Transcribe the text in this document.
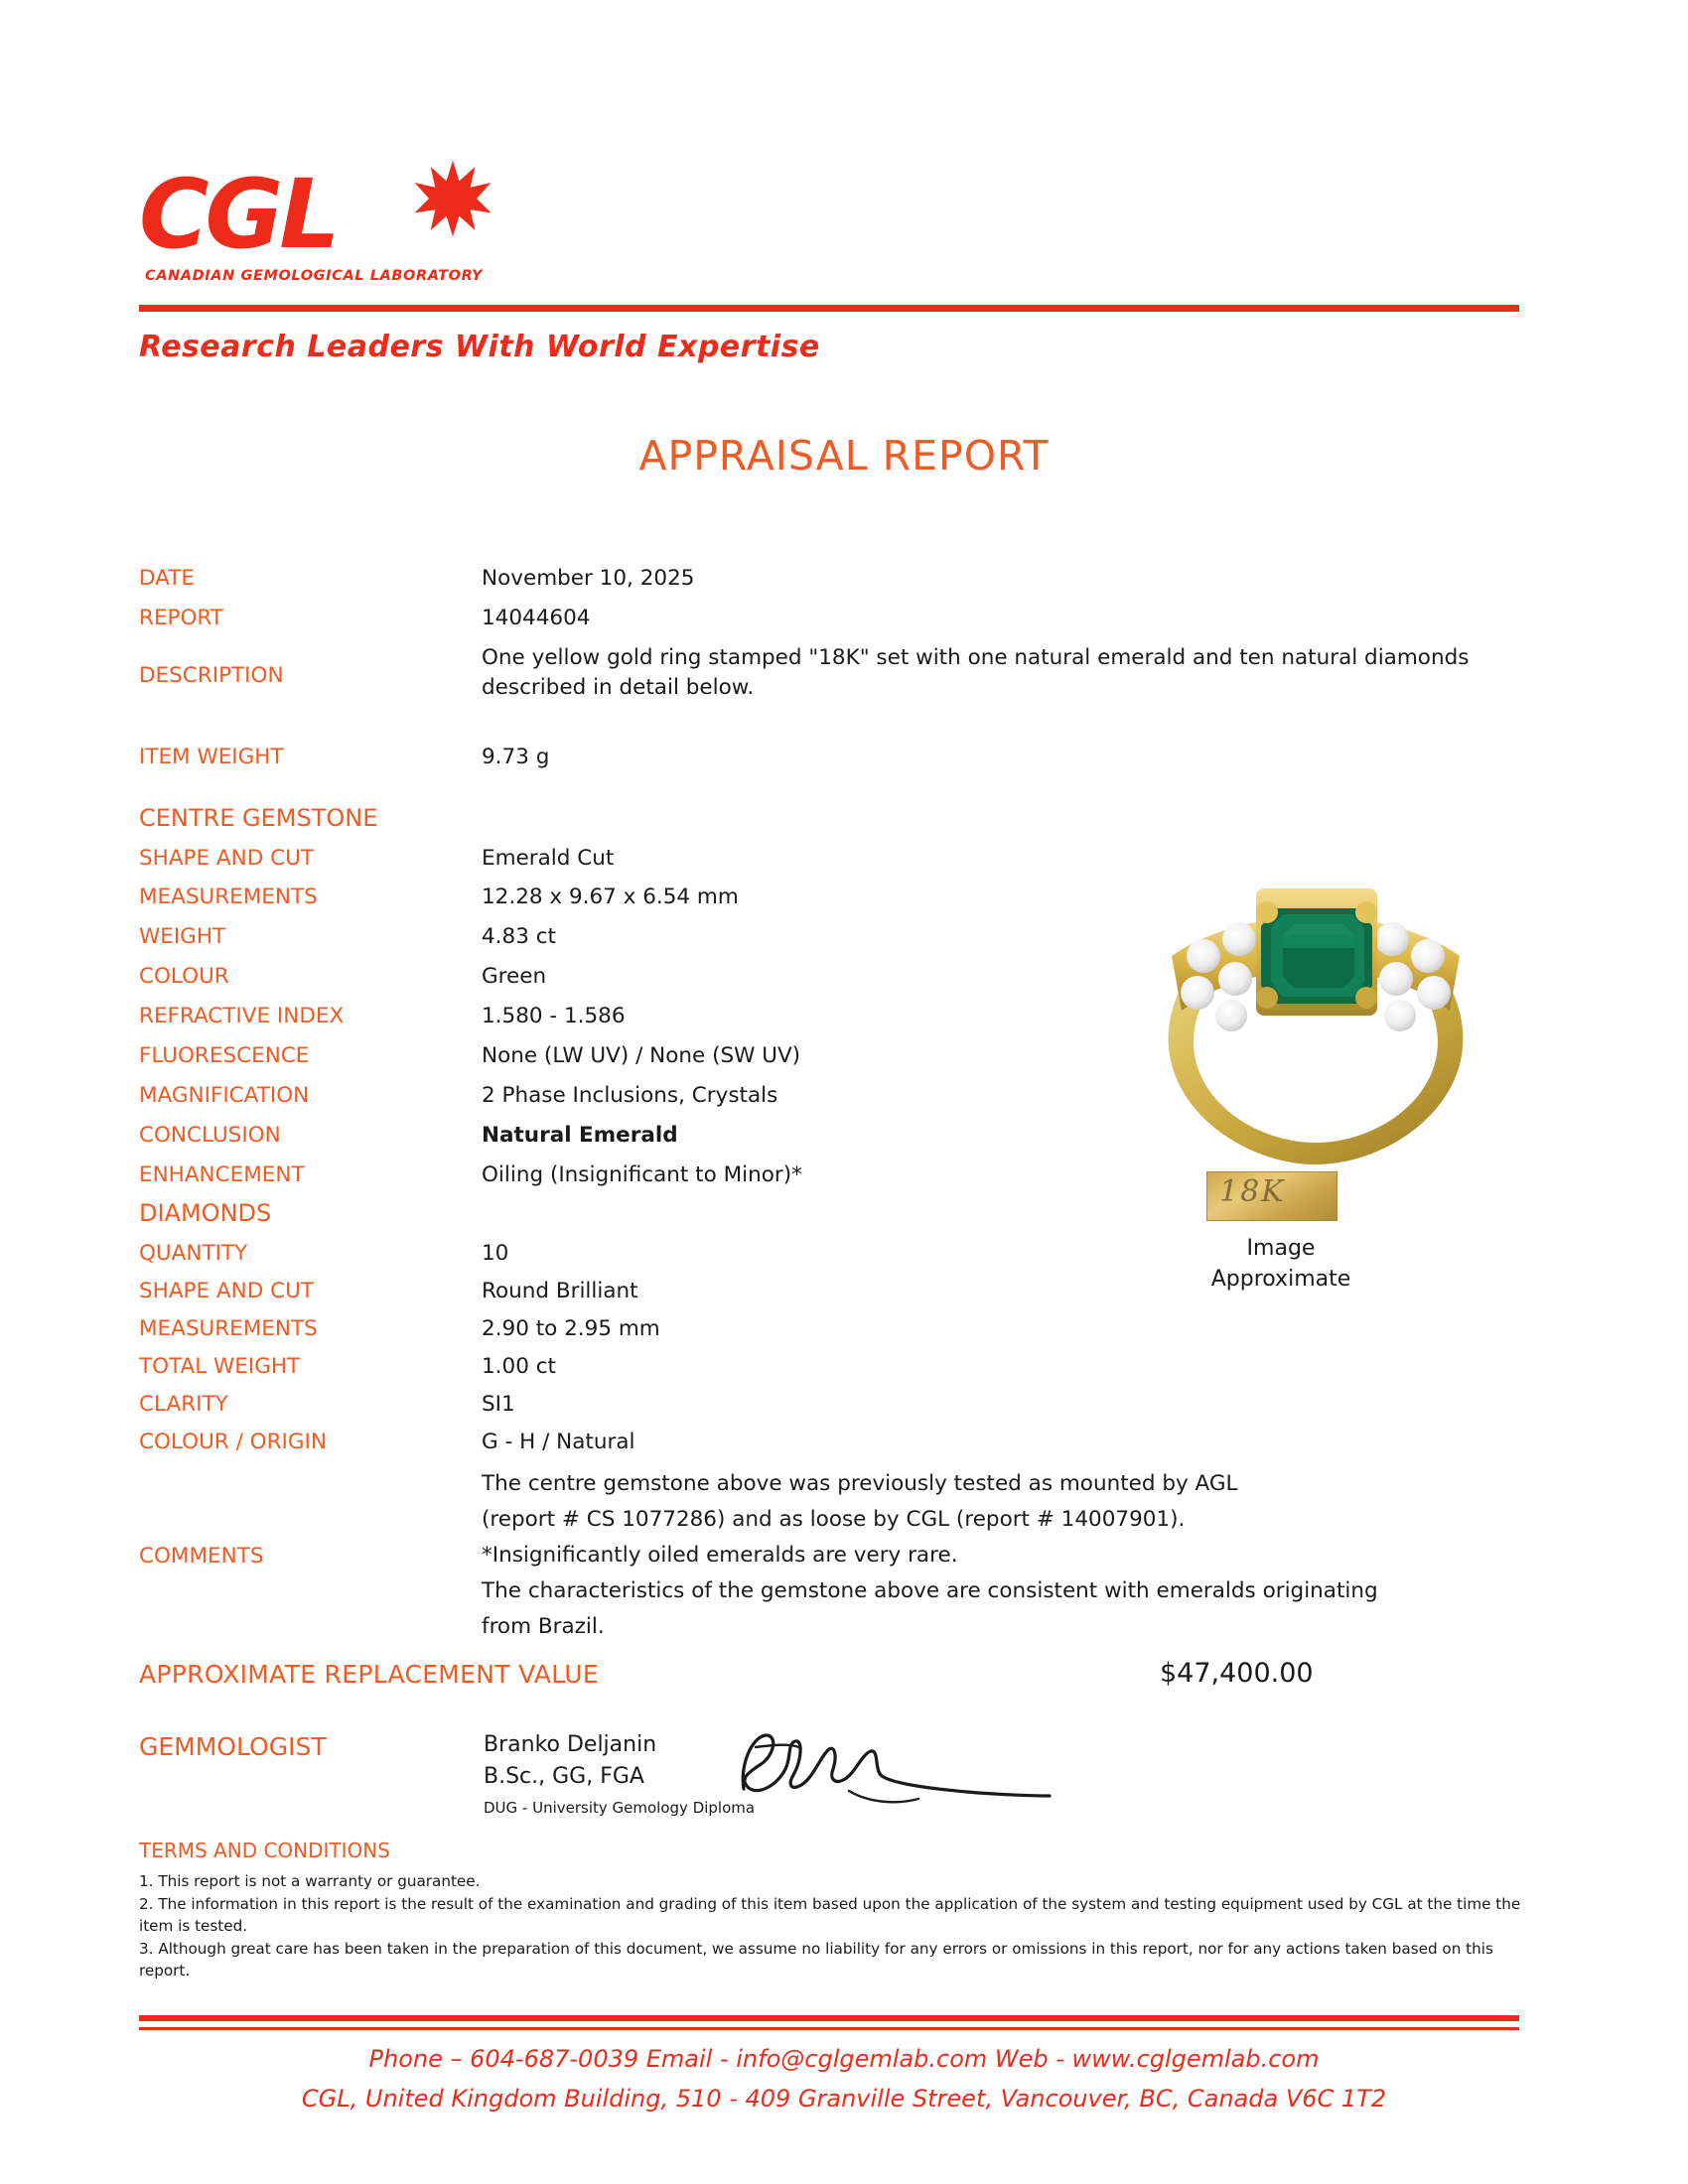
CGL
CANADIAN GEMOLOGICAL LABORATORY
Research Leaders With World Expertise
APPRAISAL REPORT
DATE	November 10, 2025
REPORT	14044604
DESCRIPTION
One yellow gold ring stamped "18K" set with one natural emerald and ten natural diamonds described in detail below.
ITEM WEIGHT	9.73 g
CENTRE GEMSTONE
SHAPE AND CUT	Emerald Cut
MEASUREMENTS	12.28 x 9.67 x 6.54 mm
WEIGHT	4.83 ct
COLOUR	Green
REFRACTIVE INDEX	1.580 - 1.586
FLUORESCENCE	None (LW UV) / None (SW UV)
MAGNIFICATION	2 Phase Inclusions, Crystals
CONCLUSION	Natural Emerald
ENHANCEMENT	Oiling (Insignificant to Minor)*
DIAMONDS
QUANTITY	10
SHAPE AND CUT	Round Brilliant
MEASUREMENTS	2.90 to 2.95 mm
TOTAL WEIGHT	1.00 ct
CLARITY	SI1
COLOUR / ORIGIN	G - H / Natural
COMMENTS
The centre gemstone above was previously tested as mounted by AGL
(report # CS 1077286) and as loose by CGL (report # 14007901).
*Insignificantly oiled emeralds are very rare.
The characteristics of the gemstone above are consistent with emeralds originating
from Brazil.
18K
Image
Approximate
APPROXIMATE REPLACEMENT VALUE	$47,400.00
GEMMOLOGIST	Branko Deljanin
B.Sc., GG, FGA
DUG - University Gemology Diploma
TERMS AND CONDITIONS
1. This report is not a warranty or guarantee.
2. The information in this report is the result of the examination and grading of this item based upon the application of the system and testing equipment used by CGL at the time the item is tested.
3. Although great care has been taken in the preparation of this document, we assume no liability for any errors or omissions in this report, nor for any actions taken based on this report.
Phone – 604-687-0039 Email - info@cglgemlab.com Web - www.cglgemlab.com
CGL, United Kingdom Building, 510 - 409 Granville Street, Vancouver, BC, Canada V6C 1T2
